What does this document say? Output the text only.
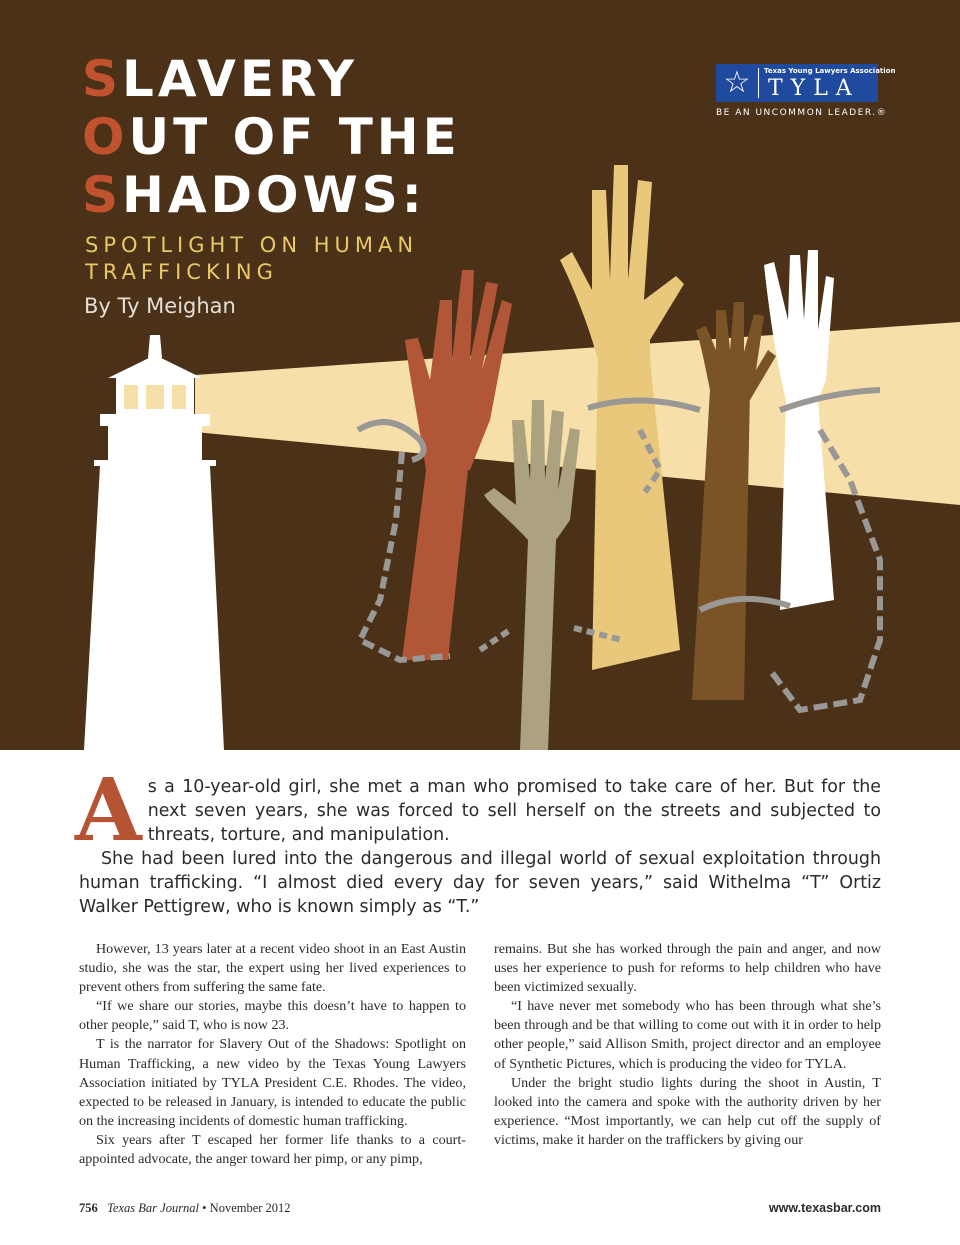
SLAVERY
OUT OF THE
SHADOWS:
SPOTLIGHT ON HUMAN
TRAFFICKING
By Ty Meighan
☆	Texas Young Lawyers Association
TYLA
BE AN UNCOMMON LEADER.®

As a 10-year-old girl, she met a man who promised to take care of her. But for the next seven years, she was forced to sell herself on the streets and subjected to threats, torture, and manipulation.

She had been lured into the dangerous and illegal world of sexual exploitation through human trafficking. “I almost died every day for seven years,” said Withelma “T” Ortiz Walker Pettigrew, who is known simply as “T.”

However, 13 years later at a recent video shoot in an East Austin studio, she was the star, the expert using her lived experiences to prevent others from suffering the same fate.

“If we share our stories, maybe this doesn’t have to happen to other people,” said T, who is now 23.

T is the narrator for Slavery Out of the Shadows: Spotlight on Human Trafficking, a new video by the Texas Young Lawyers Association initiated by TYLA President C.E. Rhodes. The video, expected to be released in January, is intended to educate the public on the increasing incidents of domestic human trafficking.

Six years after T escaped her former life thanks to a court-appointed advocate, the anger toward her pimp, or any pimp,

remains. But she has worked through the pain and anger, and now uses her experience to push for reforms to help children who have been victimized sexually.

“I have never met somebody who has been through what she’s been through and be that willing to come out with it in order to help other people,” said Allison Smith, project director and an employee of Synthetic Pictures, which is producing the video for TYLA.

Under the bright studio lights during the shoot in Austin, T looked into the camera and spoke with the authority driven by her experience. “Most importantly, we can help cut off the supply of victims, make it harder on the traffickers by giving our

756 Texas Bar Journal • November 2012	www.texasbar.com
